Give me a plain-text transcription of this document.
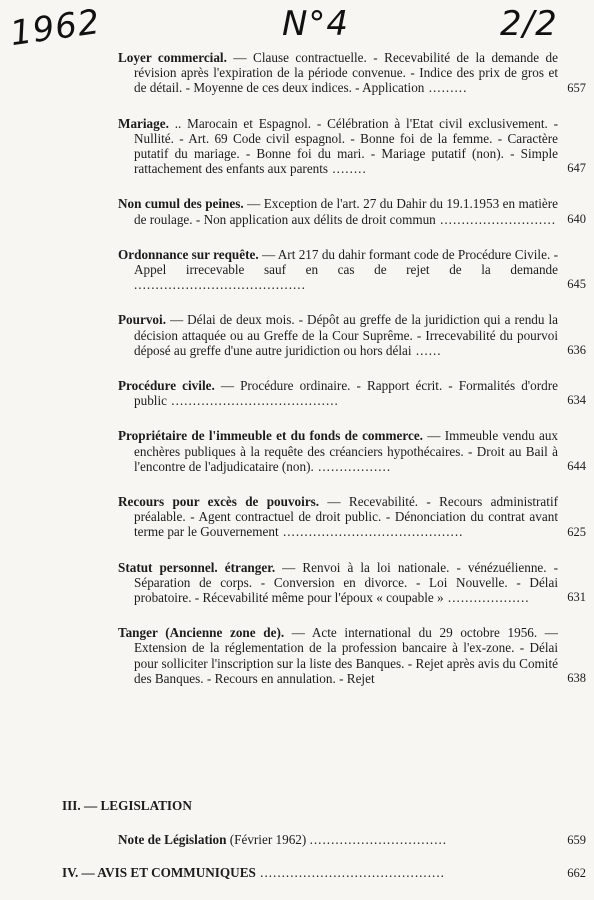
1962	N°4	2/2
Loyer commercial. — Clause contractuelle. - Recevabilité de la demande de révision après l'expiration de la période convenue. - Indice des prix de gros et de détail. - Moyenne de ces deux indices. - Application .........	657
Mariage. .. Marocain et Espagnol. - Célébration à l'Etat civil exclusivement. - Nullité. - Art. 69 Code civil espagnol. - Bonne foi de la femme. - Caractère putatif du mariage. - Bonne foi du mari. - Mariage putatif (non). - Simple rattachement des enfants aux parents ........	647
Non cumul des peines. — Exception de l'art. 27 du Dahir du 19.1.1953 en matière de roulage. - Non application aux délits de droit commun ........................... 640
Ordonnance sur requête. — Art 217 du dahir formant code de Procédure Civile. - Appel irrecevable sauf en cas de rejet de la demande ........................................	645
Pourvoi. — Délai de deux mois. - Dépôt au greffe de la juridiction qui a rendu la décision attaquée ou au Greffe de la Cour Suprême. - Irrecevabilité du pourvoi déposé au greffe d'une autre juridiction ou hors délai ......	636
Procédure civile. — Procédure ordinaire. - Rapport écrit. - Formalités d'ordre public .......................................	634
Propriétaire de l'immeuble et du fonds de commerce. — Immeuble vendu aux enchères publiques à la requête des créanciers hypothécaires. - Droit au Bail à l'encontre de l'adjudicataire (non). .................	644
Recours pour excès de pouvoirs. — Recevabilité. - Recours administratif préalable. - Agent contractuel de droit public. - Dénonciation du contrat avant terme par le Gouvernement ..........................................	625
Statut personnel. étranger. — Renvoi à la loi nationale. - vénézuélienne. - Séparation de corps. - Conversion en divorce. - Loi Nouvelle. - Délai probatoire. - Récevabilité même pour l'époux « coupable » ...................	631
Tanger (Ancienne zone de). — Acte international du 29 octobre 1956. — Extension de la réglementation de la profession bancaire à l'ex-zone. - Délai pour solliciter l'inscription sur la liste des Banques. - Rejet après avis du Comité des Banques. - Recours en annulation. - Rejet	638
III. — LEGISLATION
Note de Législation (Février 1962) ................................	659
IV. — AVIS ET COMMUNIQUES ...........................................	662
